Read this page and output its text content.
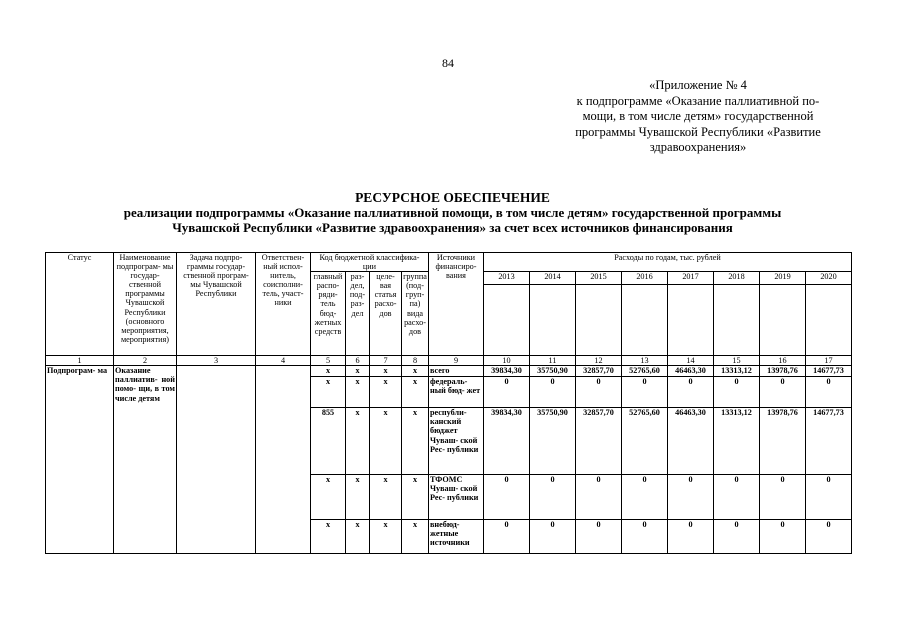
84
«Приложение № 4
к подпрограмме «Оказание паллиативной по-
мощи, в том числе детям» государственной
программы Чувашской Республики «Развитие
здравоохранения»
РЕСУРСНОЕ ОБЕСПЕЧЕНИЕ
реализации подпрограммы «Оказание паллиативной помощи, в том числе детям» государственной программы
Чувашской Республики «Развитие здравоохранения» за счет всех источников финансирования
Статус	Наименование подпрограм- мы государ- ственной программы Чувашской Республики (основного мероприятия, мероприятия)	Задача подпро- граммы государ- ственной програм- мы Чувашской Республики	Ответствен- ный испол- нитель, соисполни- тель, участ- ники	Код бюджетной классифика- ции				Источники финансиро- вания	Расходы по годам, тыс. рублей							
				главный распо- ряди- тель бюд- жетных средств	раз- дел, под- раз- дел	целе- вая статья расхо- дов	группа (под- груп- па) вида расхо- дов		2013	2014	2015	2016	2017	2018	2019	2020

1	2	3	4	5	6	7	8	9	10	11	12	13	14	15	16	17
Подпрограм- ма	Оказание паллиатив- ной помо- щи, в том числе детям			x	x	x	x	всего	39834,30	35750,90	32857,70	52765,60	46463,30	13313,12	13978,76	14677,73
				x	x	x	x	федераль- ный бюд- жет	0	0	0	0	0	0	0	0
				855	x	x	x	республи- канский бюджет Чуваш- ской Рес- публики	39834,30	35750,90	32857,70	52765,60	46463,30	13313,12	13978,76	14677,73
				x	x	x	x	ТФОМС Чуваш- ской Рес- публики	0	0	0	0	0	0	0	0
				x	x	x	x	внебюд- жетные источники	0	0	0	0	0	0	0	0
